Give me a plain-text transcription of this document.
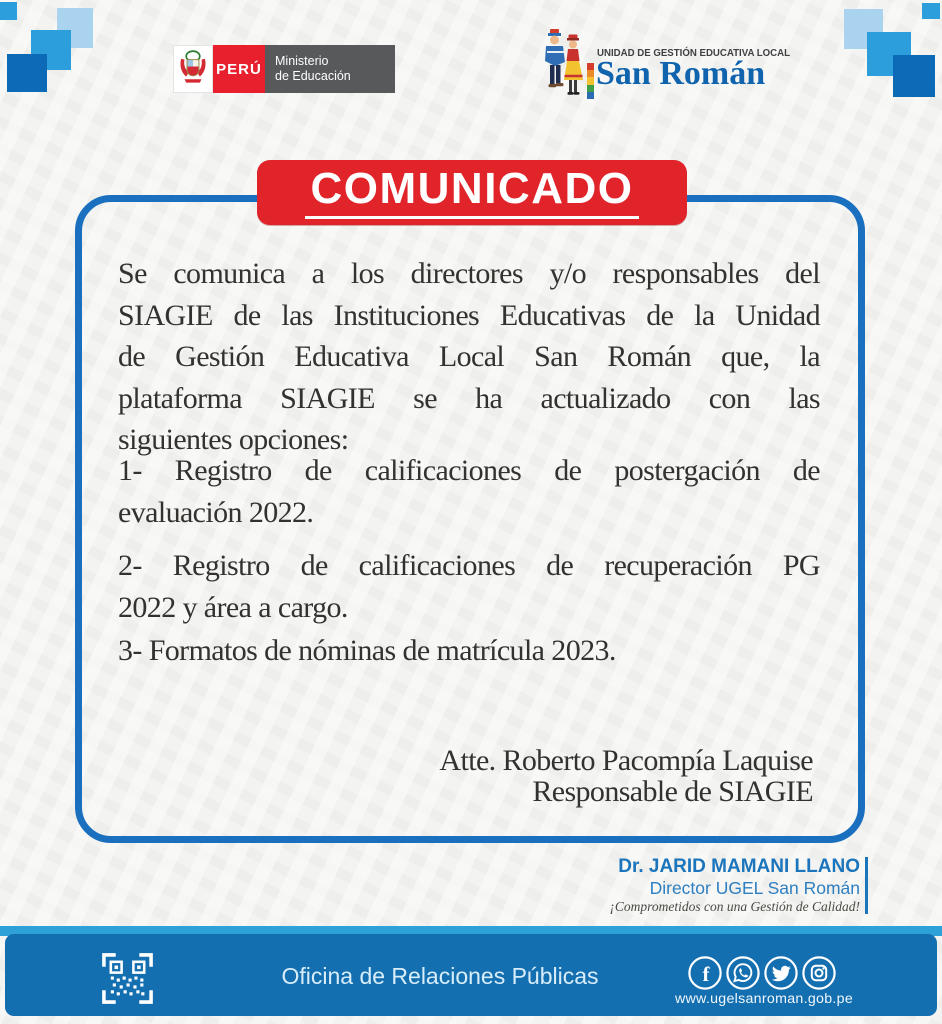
PERÚ Ministerio
de Educación
UNIDAD DE GESTIÓN EDUCATIVA LOCAL
San Román
COMUNICADO
Se comunica a los directores y/o responsables del
SIAGIE de las Instituciones Educativas de la Unidad
de Gestión Educativa Local San Román que, la
plataforma SIAGIE se ha actualizado con las
siguientes opciones:
1- Registro de calificaciones de postergación de
evaluación 2022.
2- Registro de calificaciones de recuperación PG
2022 y área a cargo.
3- Formatos de nóminas de matrícula 2023.
Atte. Roberto Pacompía Laquise
Responsable de SIAGIE
Dr. JARID MAMANI LLANO
Director UGEL San Román
¡Comprometidos con una Gestión de Calidad!
Oficina de Relaciones Públicas	f
www.ugelsanroman.gob.pe
